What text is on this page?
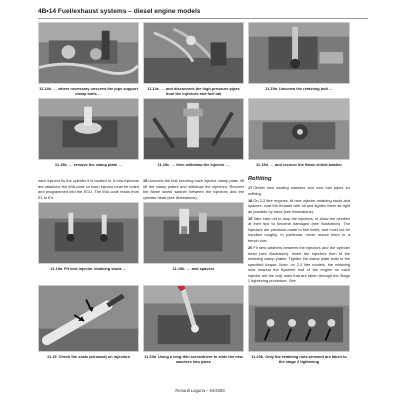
4B•14 Fuel/exhaust systems – diesel engine models
11.14b … where necessary unscrew the pipe support clamp bolts …
11.14c … and disconnect the high-pressure pipes from the injectors and fuel rail
11.15a Unscrew the retaining bolt …
11.15b … remove the clamp plate …	11.15c … then withdraw the injector …	11.15d … and recover the flame shield washer

each injector by the cylinder it is located in. If new injectors are obtained, the IMA code on each injector must be noted and programmed into the ECU. The IMA code reads from E1 to E4.

15Unscrew the bolt securing each injector clamp plate, lift off the clamp plates and withdraw the injectors. Recover the flame shield washer between the injectors and the cylinder head (see illustrations).

Refitting

17Obtain new sealing washers and new fuel pipes for refitting.

18On 2.2 litre engines, fit new injector retaining studs and spacers, coat the threads with oil and tighten them as tight as possible by hand (see illustrations).

19Take care not to drop the injectors, or allow the needles at their tips to become damaged (see illustration). The injectors are precision-made to fine limits, and must not be handled roughly. In particular, never mount them in a bench vice.

20Fit new washers between the injectors and the cylinder head (see illustration). Insert the injectors then fit the retaining clamp plates. Tighten the clamp plate bolts to the specified torque. Note: on 2.2 litre models, the retaining nuts nearest the flywheel end of the engine on each injector are the only ones that are taken through the Stage 2 tightening procedure. See

11.19a Fit new injector retaining studs …	11.19b … and spacers
11.19 Check the seals (arrowed) on injectors	11.20a Using a long thin screwdriver to slide the new washers into place
11.20b Only the retaining nuts arrowed are taken to the stage 2 tightening
Renault Laguna – 94/4283
